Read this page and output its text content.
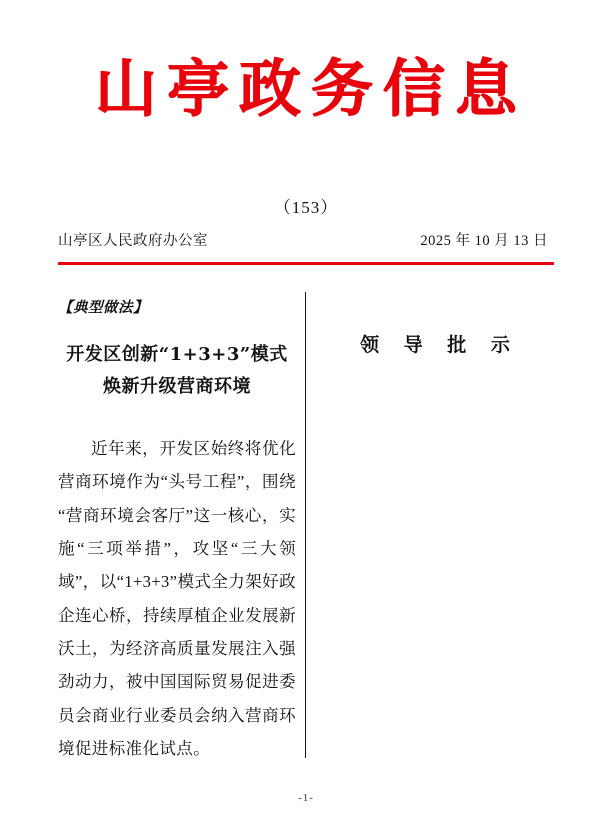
山亭政务信息
（153）
山亭区人民政府办公室	2025 年 10 月 13 日
【典型做法】
开发区创新“1+3+3”模式
焕新升级营商环境
近年来，开发区始终将优化营商环境作为“头号工程”，围绕“营商环境会客厅”这一核心，实施“三项举措”，攻坚“三大领域”，以“1+3+3”模式全力架好政企连心桥，持续厚植企业发展新沃土，为经济高质量发展注入强劲动力，被中国国际贸易促进委员会商业行业委员会纳入营商环境促进标准化试点。
领 导 批 示
-1-
